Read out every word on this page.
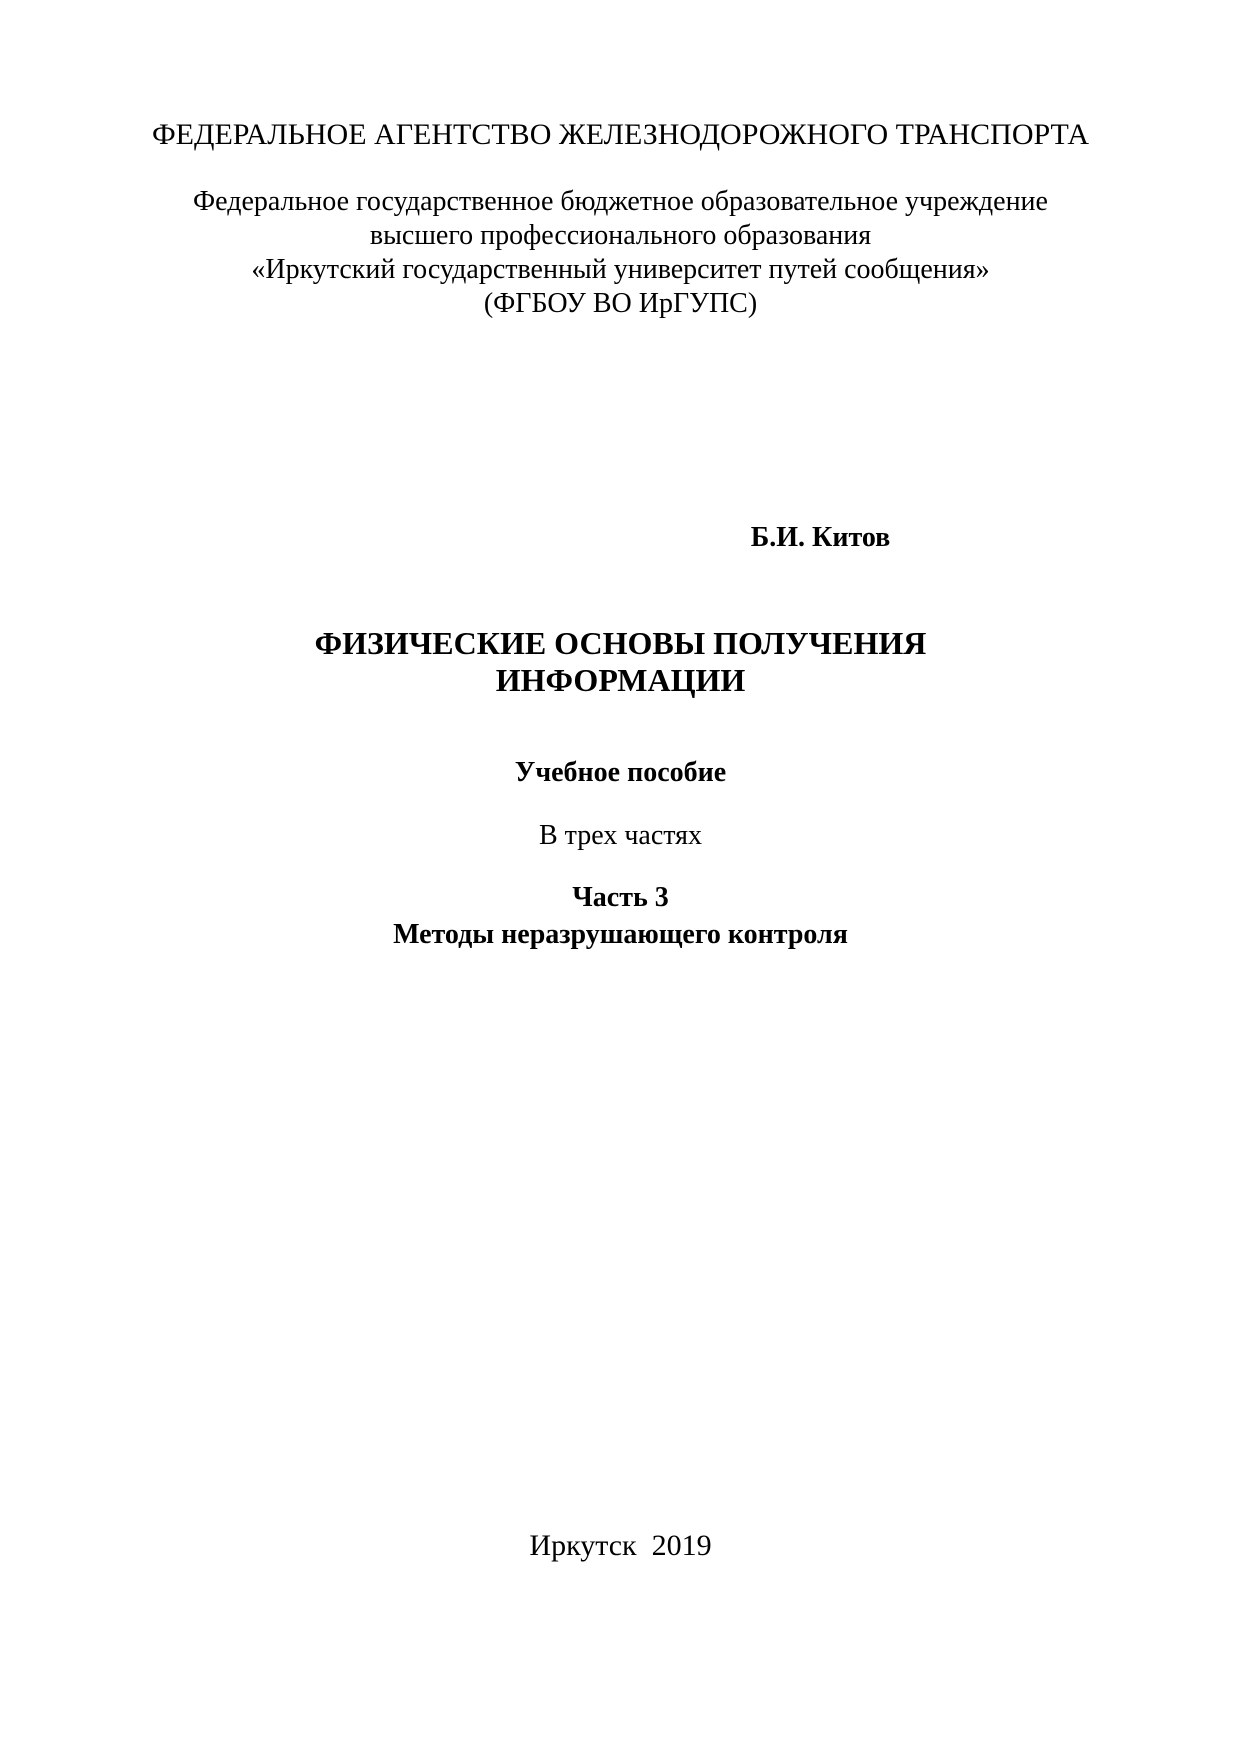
ФЕДЕРАЛЬНОЕ АГЕНТСТВО ЖЕЛЕЗНОДОРОЖНОГО ТРАНСПОРТА
Федеральное государственное бюджетное образовательное учреждение
высшего профессионального образования
«Иркутский государственный университет путей сообщения»
(ФГБОУ ВО ИрГУПС)
Б.И. Китов
ФИЗИЧЕСКИЕ ОСНОВЫ ПОЛУЧЕНИЯ
ИНФОРМАЦИИ
Учебное пособие
В трех частях
Часть 3
Методы неразрушающего контроля
Иркутск  2019
